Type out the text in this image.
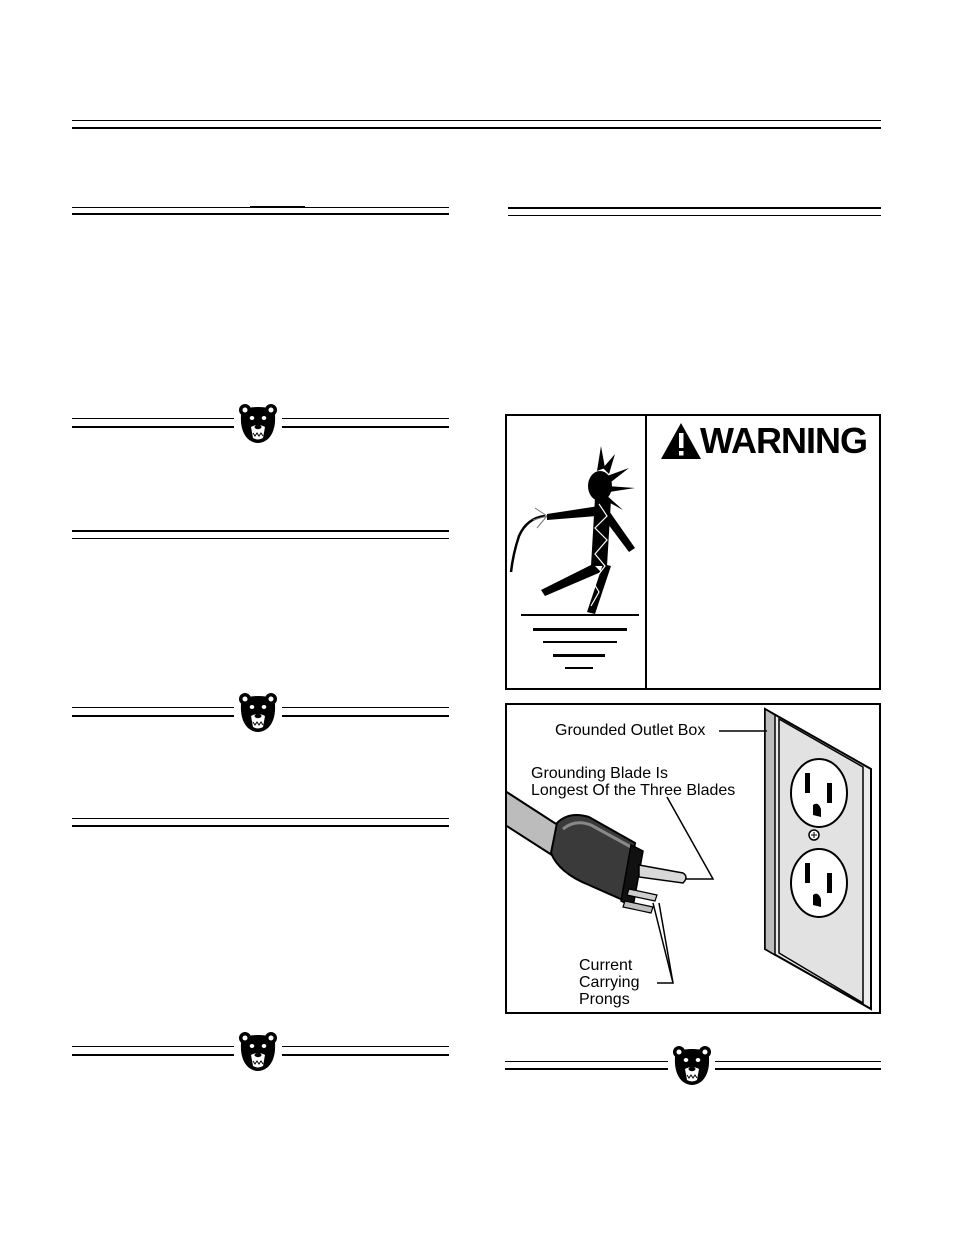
WARNING
Grounded Outlet Box
Grounding Blade Is
Longest Of the Three Blades
Current
Carrying
Prongs
